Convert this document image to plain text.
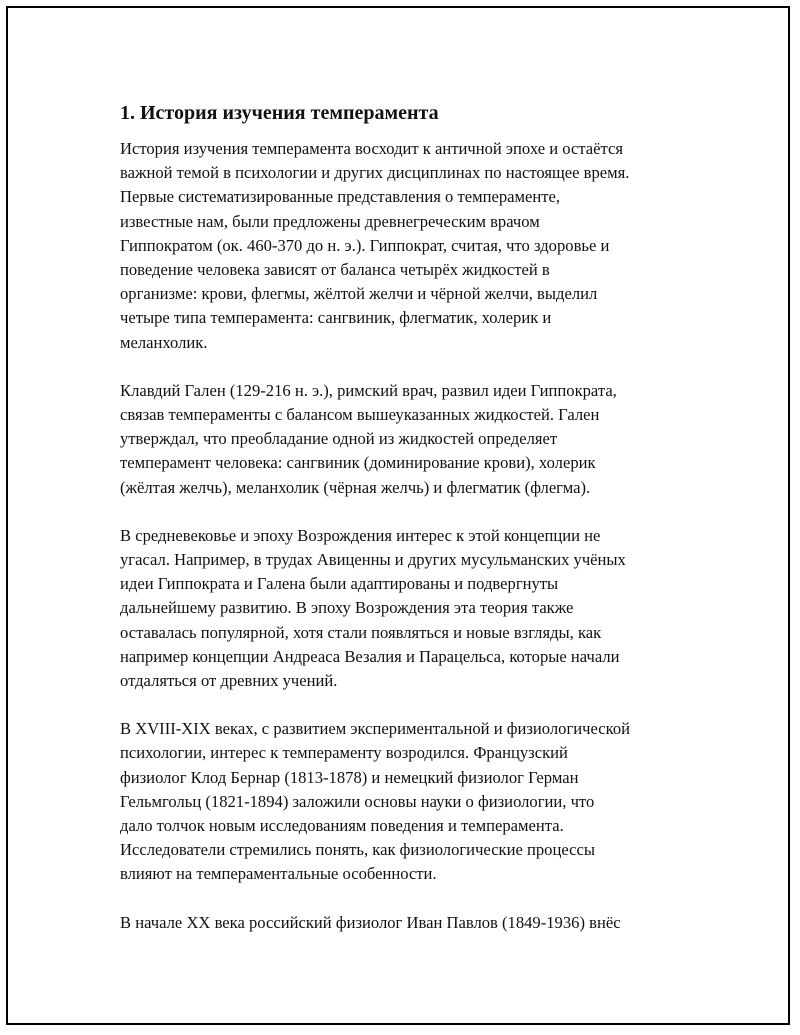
1. История изучения темперамента

История изучения темперамента восходит к античной эпохе и остаётся
важной темой в психологии и других дисциплинах по настоящее время.
Первые систематизированные представления о темпераменте,
известные нам, были предложены древнегреческим врачом
Гиппократом (ок. 460-370 до н. э.). Гиппократ, считая, что здоровье и
поведение человека зависят от баланса четырёх жидкостей в
организме: крови, флегмы, жёлтой желчи и чёрной желчи, выделил
четыре типа темперамента: сангвиник, флегматик, холерик и
меланхолик.

Клавдий Гален (129-216 н. э.), римский врач, развил идеи Гиппократа,
связав темпераменты с балансом вышеуказанных жидкостей. Гален
утверждал, что преобладание одной из жидкостей определяет
темперамент человека: сангвиник (доминирование крови), холерик
(жёлтая желчь), меланхолик (чёрная желчь) и флегматик (флегма).

В средневековье и эпоху Возрождения интерес к этой концепции не
угасал. Например, в трудах Авиценны и других мусульманских учёных
идеи Гиппократа и Галена были адаптированы и подвергнуты
дальнейшему развитию. В эпоху Возрождения эта теория также
оставалась популярной, хотя стали появляться и новые взгляды, как
например концепции Андреаса Везалия и Парацельса, которые начали
отдаляться от древних учений.

В XVIII-XIX веках, с развитием экспериментальной и физиологической
психологии, интерес к темпераменту возродился. Французский
физиолог Клод Бернар (1813-1878) и немецкий физиолог Герман
Гельмгольц (1821-1894) заложили основы науки о физиологии, что
дало толчок новым исследованиям поведения и темперамента.
Исследователи стремились понять, как физиологические процессы
влияют на темпераментальные особенности.

В начале XX века российский физиолог Иван Павлов (1849-1936) внёс
